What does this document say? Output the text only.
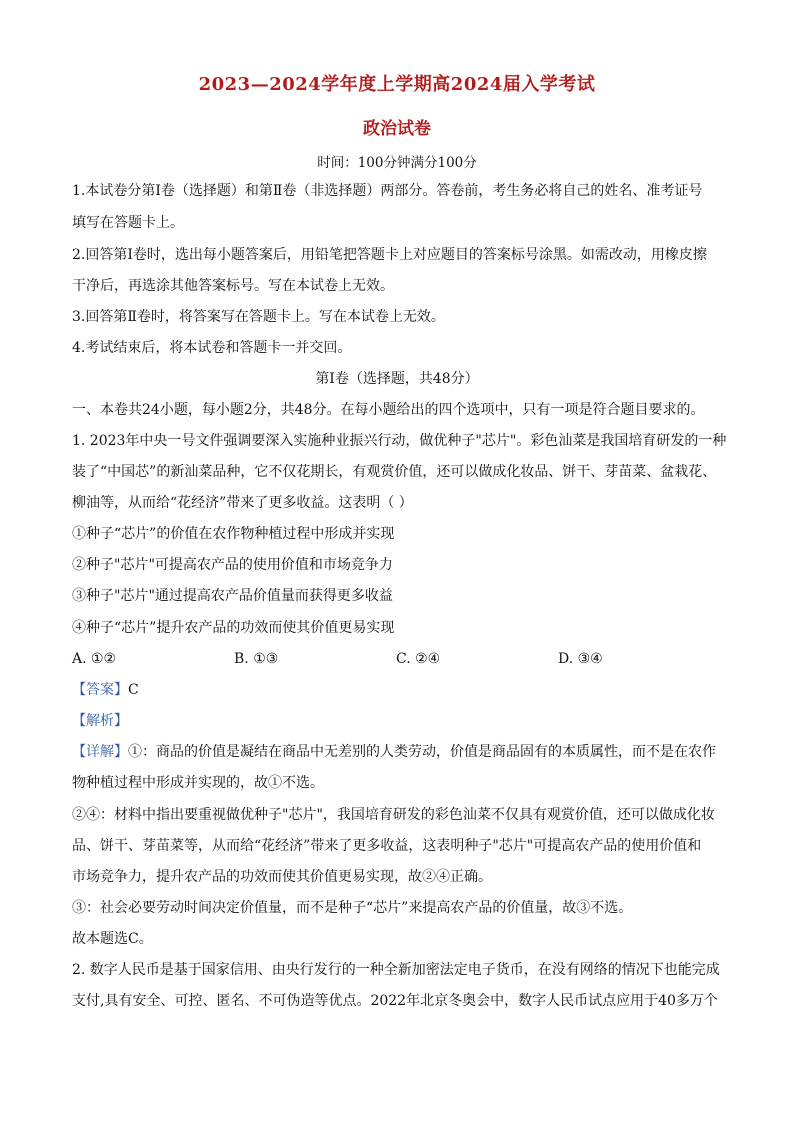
2023—2024学年度上学期高2024届入学考试
政治试卷
时间：100分钟满分100分
1.本试卷分第Ⅰ卷（选择题）和第Ⅱ卷（非选择题）两部分。答卷前，考生务必将自己的姓名、准考证号
填写在答题卡上。
2.回答第Ⅰ卷时，选出每小题答案后，用铅笔把答题卡上对应题目的答案标号涂黑。如需改动，用橡皮擦
干净后，再选涂其他答案标号。写在本试卷上无效。
3.回答第Ⅱ卷时，将答案写在答题卡上。写在本试卷上无效。
4.考试结束后，将本试卷和答题卡一并交回。
第Ⅰ卷（选择题，共48分）
一、本卷共24小题，每小题2分，共48分。在每小题给出的四个选项中，只有一项是符合题目要求的。
1. 2023年中央一号文件强调要深入实施种业振兴行动，做优种子"芯片"。彩色汕菜是我国培育研发的一种
装了“中国芯”的新汕菜品种，它不仅花期长，有观赏价值，还可以做成化妆品、饼干、芽苗菜、盆栽花、
柳油等，从而给“花经济”带来了更多收益。这表明（ ）
①种子“芯片”的价值在农作物种植过程中形成并实现
②种子"芯片"可提高农产品的使用价值和市场竞争力
③种子"芯片"通过提高农产品价值量而获得更多收益
④种子“芯片”提升农产品的功效而使其价值更易实现
A. ①②	B. ①③	C. ②④	D. ③④
【答案】C
【解析】
【详解】①：商品的价值是凝结在商品中无差别的人类劳动，价值是商品固有的本质属性，而不是在农作
物种植过程中形成并实现的，故①不选。
②④：材料中指出要重视做优种子"芯片"，我国培育研发的彩色汕菜不仅具有观赏价值，还可以做成化妆
品、饼干、芽苗菜等，从而给“花经济”带来了更多收益，这表明种子"芯片"可提高农产品的使用价值和
市场竞争力，提升农产品的功效而使其价值更易实现，故②④正确。
③：社会必要劳动时间决定价值量，而不是种子“芯片”来提高农产品的价值量，故③不选。
故本题选C。
2. 数字人民币是基于国家信用、由央行发行的一种全新加密法定电子货币，在没有网络的情况下也能完成
支付,具有安全、可控、匿名、不可伪造等优点。2022年北京冬奥会中，数字人民币试点应用于40多万个
